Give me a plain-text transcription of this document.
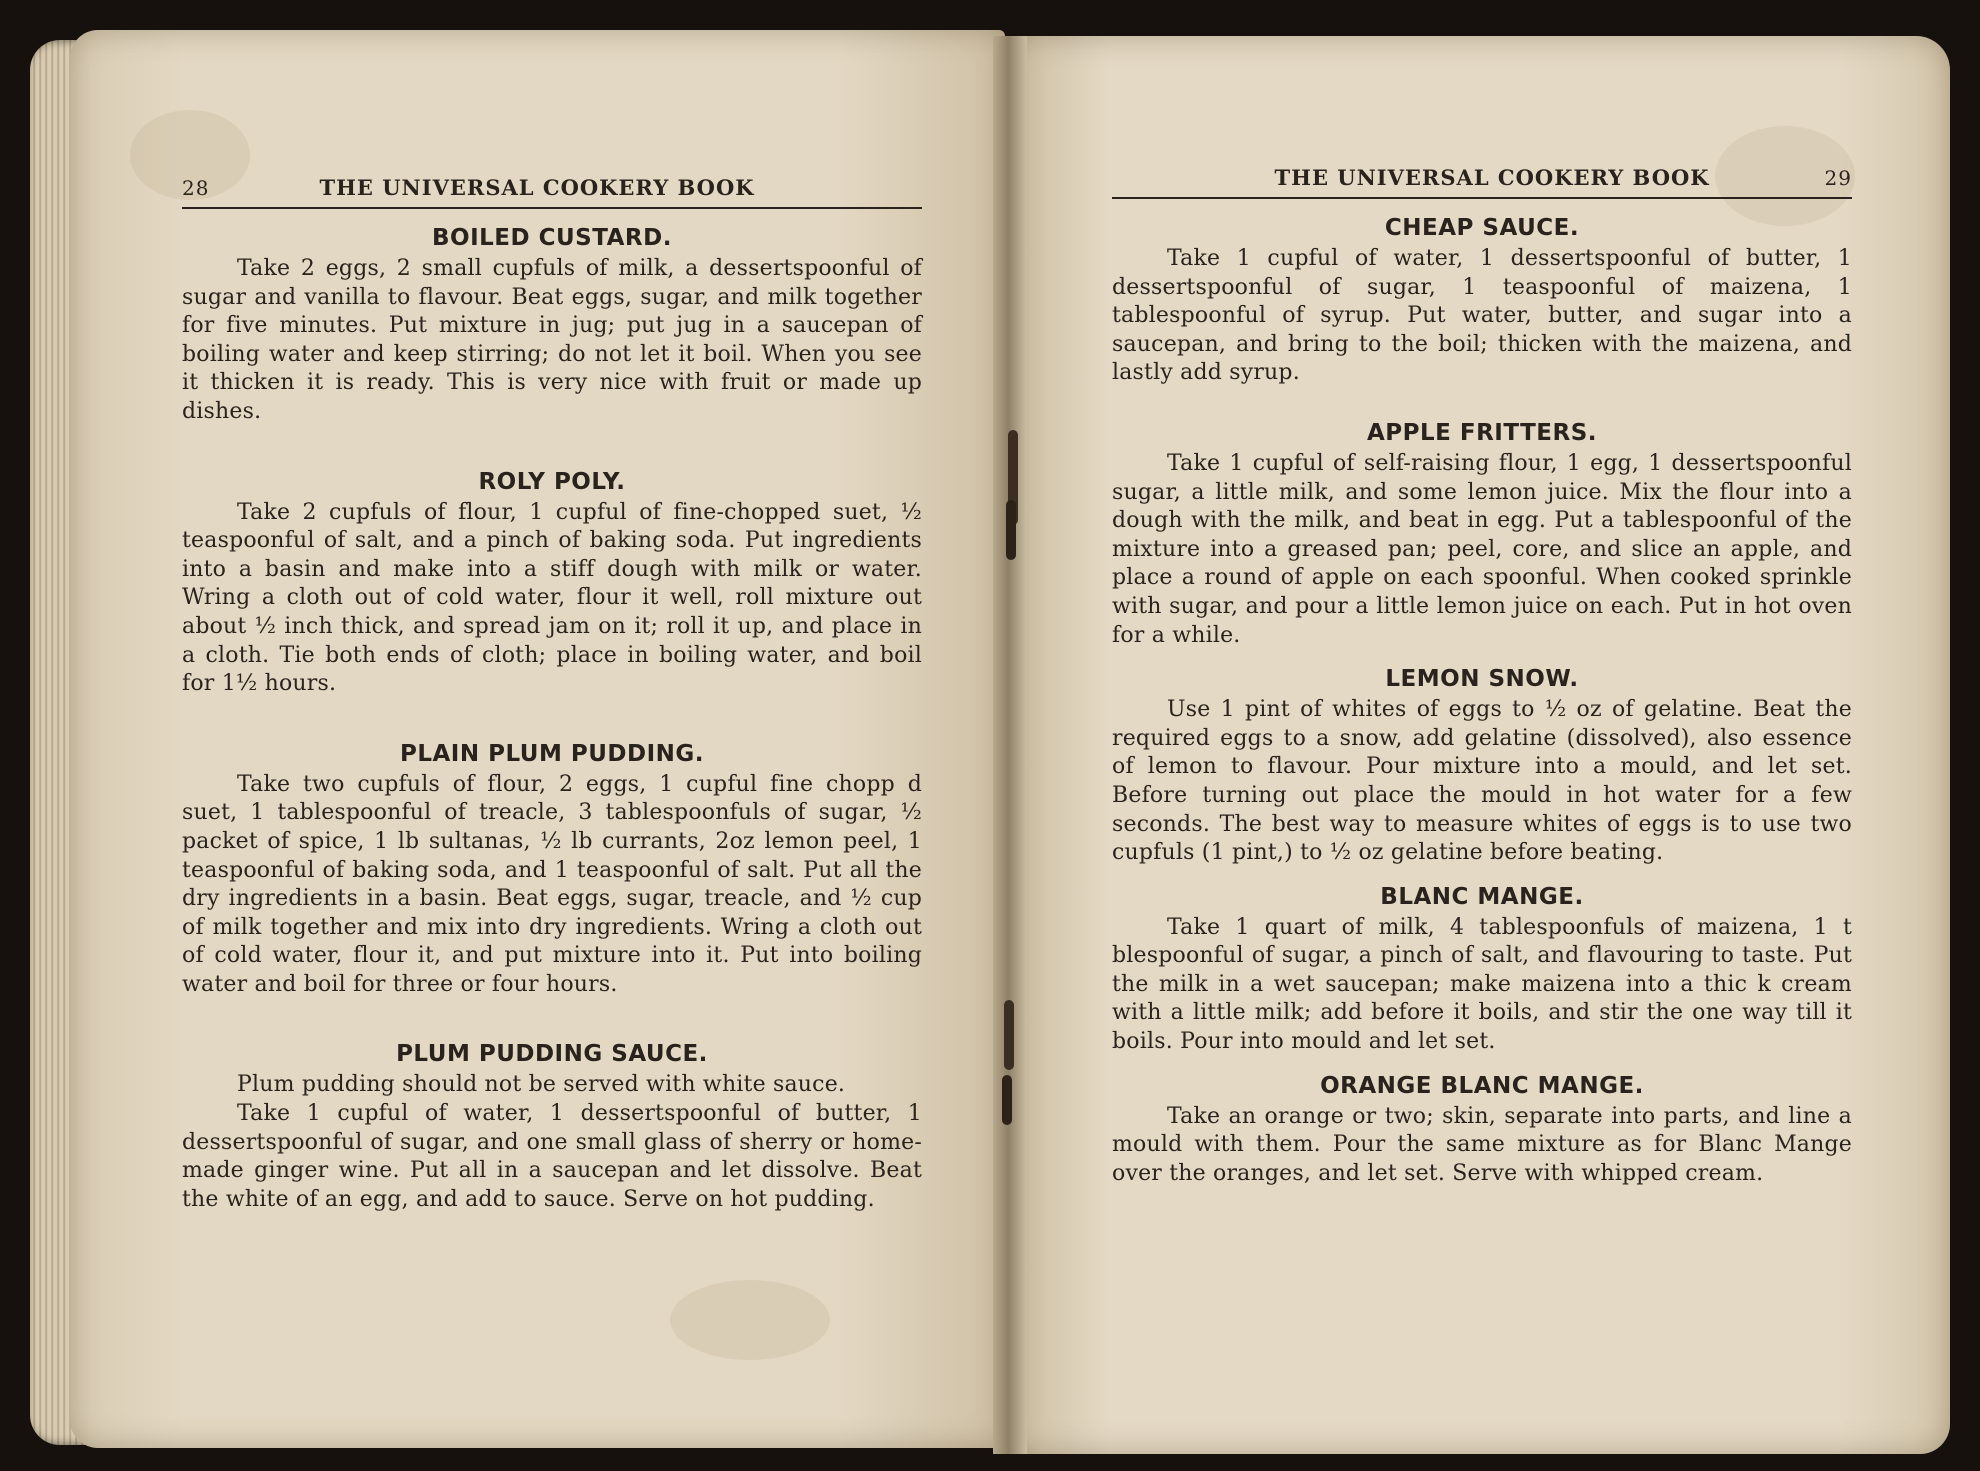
28	THE UNIVERSAL COOKERY BOOK
BOILED CUSTARD.

Take 2 eggs, 2 small cupfuls of milk, a dessertspoonful of sugar and vanilla to flavour. Beat eggs, sugar, and milk together for five minutes. Put mixture in jug; put jug in a saucepan of boiling water and keep stirring; do not let it boil. When you see it thicken it is ready. This is very nice with fruit or made up dishes.

ROLY POLY.

Take 2 cupfuls of flour, 1 cupful of fine-chopped suet, ½ teaspoonful of salt, and a pinch of baking soda. Put ingredients into a basin and make into a stiff dough with milk or water. Wring a cloth out of cold water, flour it well, roll mixture out about ½ inch thick, and spread jam on it; roll it up, and place in a cloth. Tie both ends of cloth; place in boiling water, and boil for 1½ hours.

PLAIN PLUM PUDDING.

Take two cupfuls of flour, 2 eggs, 1 cupful fine chopp d suet, 1 tablespoonful of treacle, 3 tablespoonfuls of sugar, ½ packet of spice, 1 lb sultanas, ½ lb currants, 2oz lemon peel, 1 teaspoonful of baking soda, and 1 teaspoonful of salt. Put all the dry ingredients in a basin. Beat eggs, sugar, treacle, and ½ cup of milk together and mix into dry ingredients. Wring a cloth out of cold water, flour it, and put mixture into it. Put into boiling water and boil for three or four hours.

PLUM PUDDING SAUCE.

Plum pudding should not be served with white sauce.

Take 1 cupful of water, 1 dessertspoonful of butter, 1 dessertspoonful of sugar, and one small glass of sherry or home-made ginger wine. Put all in a saucepan and let dissolve. Beat the white of an egg, and add to sauce. Serve on hot pudding.

THE UNIVERSAL COOKERY BOOK	29
CHEAP SAUCE.

Take 1 cupful of water, 1 dessertspoonful of butter, 1 dessertspoonful of sugar, 1 teaspoonful of maizena, 1 tablespoonful of syrup. Put water, butter, and sugar into a saucepan, and bring to the boil; thicken with the maizena, and lastly add syrup.

APPLE FRITTERS.

Take 1 cupful of self-raising flour, 1 egg, 1 dessertspoonful sugar, a little milk, and some lemon juice. Mix the flour into a dough with the milk, and beat in egg. Put a tablespoonful of the mixture into a greased pan; peel, core, and slice an apple, and place a round of apple on each spoonful. When cooked sprinkle with sugar, and pour a little lemon juice on each. Put in hot oven for a while.

LEMON SNOW.

Use 1 pint of whites of eggs to ½ oz of gelatine. Beat the required eggs to a snow, add gelatine (dissolved), also essence of lemon to flavour. Pour mixture into a mould, and let set. Before turning out place the mould in hot water for a few seconds. The best way to measure whites of eggs is to use two cupfuls (1 pint,) to ½ oz gelatine before beating.

BLANC MANGE.

Take 1 quart of milk, 4 tablespoonfuls of maizena, 1 t blespoonful of sugar, a pinch of salt, and flavouring to taste. Put the milk in a wet saucepan; make maizena into a thic k cream with a little milk; add before it boils, and stir the one way till it boils. Pour into mould and let set.

ORANGE BLANC MANGE.

Take an orange or two; skin, separate into parts, and line a mould with them. Pour the same mixture as for Blanc Mange over the oranges, and let set. Serve with whipped cream.
